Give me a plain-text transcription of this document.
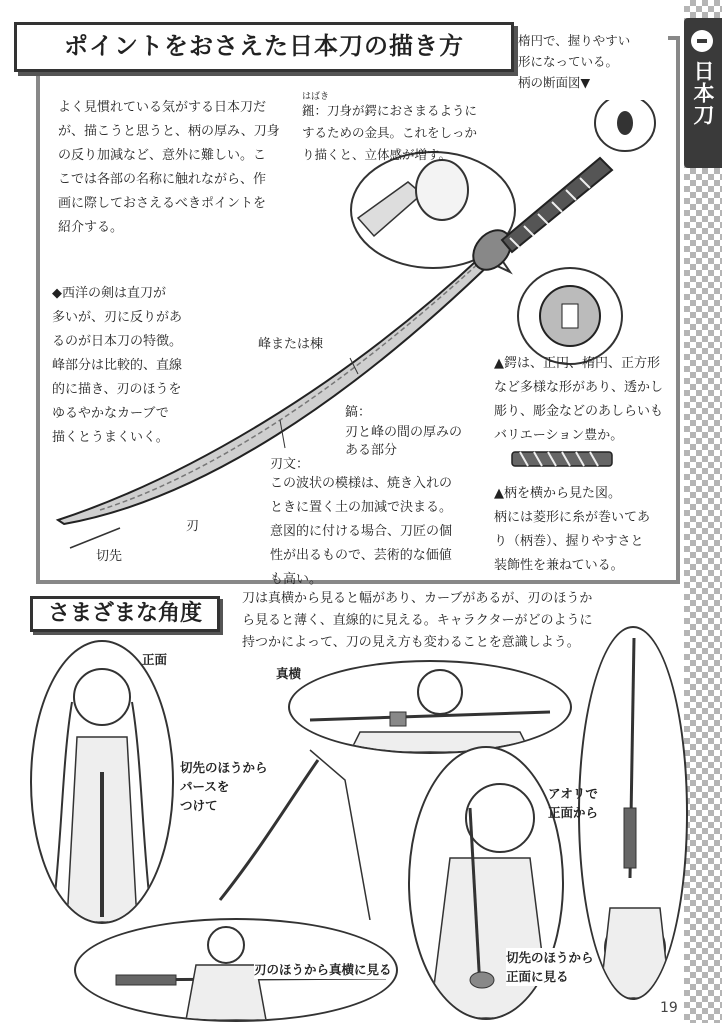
日本刀
ポイントをおさえた日本刀の描き方	楕円で、握りやすい
形になっている。
柄の断面図▼
よく見慣れている気がする日本刀だ
が、描こうと思うと、柄の厚み、刀身
の反り加減など、意外に難しい。こ
こでは各部の名称に触れながら、作
画に際しておさえるべきポイントを
紹介する。
はばき
鎺：刀身が鍔におさまるように
するための金具。これをしっか
り描くと、立体感が増す。
◆西洋の剣は直刀が
多いが、刃に反りがあ
るのが日本刀の特徴。
峰部分は比較的、直線
的に描き、刃のほうを
ゆるやかなカーブで
描くとうまくいく。
峰または棟
鎬：
刃と峰の間の厚みの
ある部分
刃文：
この波状の模様は、焼き入れの
ときに置く土の加減で決まる。
意図的に付ける場合、刀匠の個
性が出るもので、芸術的な価値
も高い。
刃
切先
▲鍔は、正円、楕円、正方形
など多様な形があり、透かし
彫り、彫金などのあしらいも
バリエーション豊か。
▲柄を横から見た図。
柄には菱形に糸が巻いてあ
り（柄巻）、握りやすさと
装飾性を兼ねている。
さまざまな角度
刀は真横から見ると幅があり、カーブがあるが、刃のほうか
ら見ると薄く、直線的に見える。キャラクターがどのように
持つかによって、刀の見え方も変わることを意識しよう。
正面
真横
切先のほうから
パースを
つけて
アオリで
正面から
刃のほうから真横に見る
切先のほうから
正面に見る
19
